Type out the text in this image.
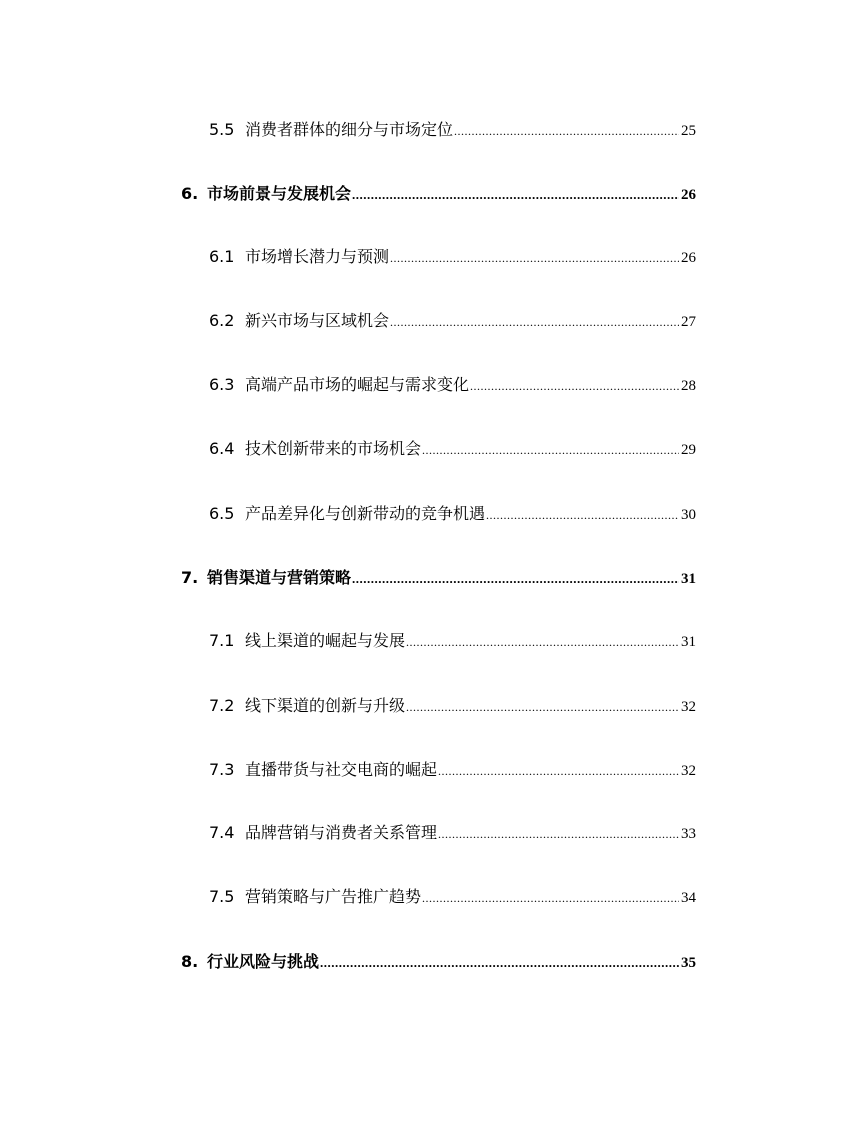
5.5 消费者群体的细分与市场定位 .....	25
6. 市场前景与发展机会 .....	26
6.1 市场增长潜力与预测 .....	26
6.2 新兴市场与区域机会 .....	27
6.3 高端产品市场的崛起与需求变化 .....	28
6.4 技术创新带来的市场机会 .....	29
6.5 产品差异化与创新带动的竞争机遇 .....	30
7. 销售渠道与营销策略 .....	31
7.1 线上渠道的崛起与发展 .....	31
7.2 线下渠道的创新与升级 .....	32
7.3 直播带货与社交电商的崛起 .....	32
7.4 品牌营销与消费者关系管理 .....	33
7.5 营销策略与广告推广趋势 .....	34
8. 行业风险与挑战 .....	35
